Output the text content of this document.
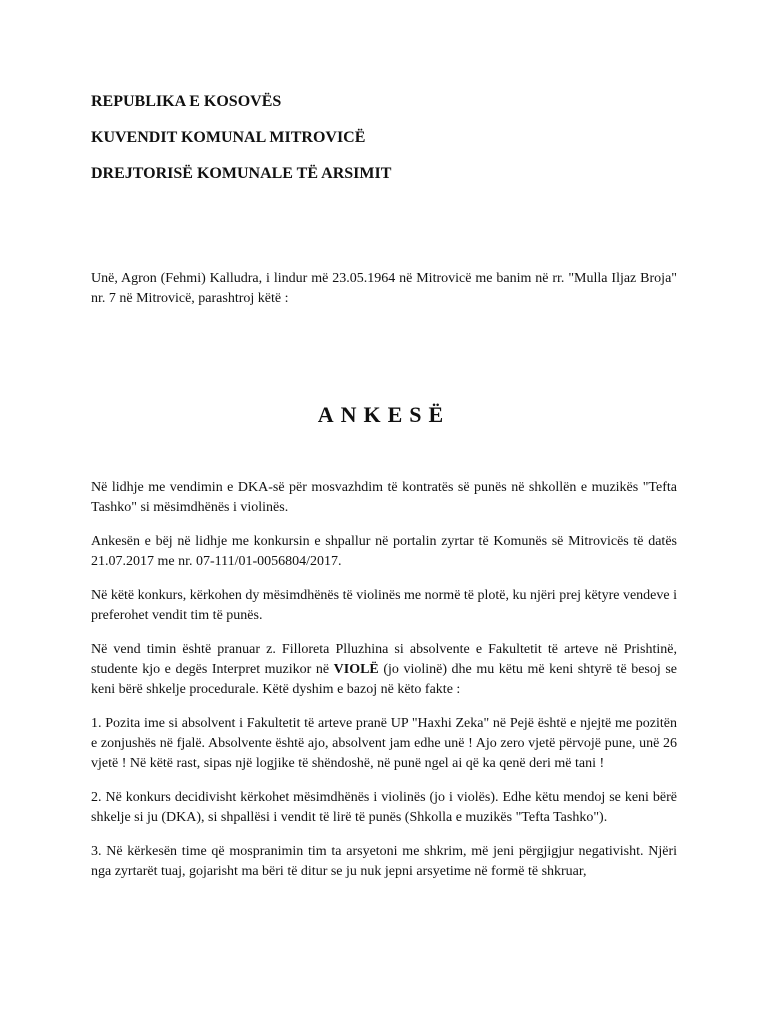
REPUBLIKA E KOSOVËS
KUVENDIT KOMUNAL MITROVICË
DREJTORISË KOMUNALE TË ARSIMIT

Unë, Agron (Fehmi) Kalludra, i lindur më 23.05.1964 në Mitrovicë me banim në rr. "Mulla Iljaz Broja" nr. 7 në Mitrovicë, parashtroj këtë :

ANKESË

Në lidhje me vendimin e DKA-së për mosvazhdim të kontratës së punës në shkollën e muzikës "Tefta Tashko" si mësimdhënës i violinës.

Ankesën e bëj në lidhje me konkursin e shpallur në portalin zyrtar të Komunës së Mitrovicës të datës 21.07.2017 me nr. 07-111/01-0056804/2017.

Në këtë konkurs, kërkohen dy mësimdhënës të violinës me normë të plotë, ku njëri prej këtyre vendeve i preferohet vendit tim të punës.

Në vend timin është pranuar z. Filloreta Plluzhina si absolvente e Fakultetit të arteve në Prishtinë, studente kjo e degës Interpret muzikor në VIOLË (jo violinë) dhe mu këtu më keni shtyrë të besoj se keni bërë shkelje procedurale. Këtë dyshim e bazoj në këto fakte :

1. Pozita ime si absolvent i Fakultetit të arteve pranë UP "Haxhi Zeka" në Pejë është e njejtë me pozitën e zonjushës në fjalë. Absolvente është ajo, absolvent jam edhe unë ! Ajo zero vjetë përvojë pune, unë 26 vjetë ! Në këtë rast, sipas një logjike të shëndoshë, në punë ngel ai që ka qenë deri më tani !

2. Në konkurs decidivisht kërkohet mësimdhënës i violinës (jo i violës). Edhe këtu mendoj se keni bërë shkelje si ju (DKA), si shpallësi i vendit të lirë të punës (Shkolla e muzikës "Tefta Tashko").

3. Në kërkesën time që mospranimin tim ta arsyetoni me shkrim, më jeni përgjigjur negativisht. Njëri nga zyrtarët tuaj, gojarisht ma bëri të ditur se ju nuk jepni arsyetime në formë të shkruar,
